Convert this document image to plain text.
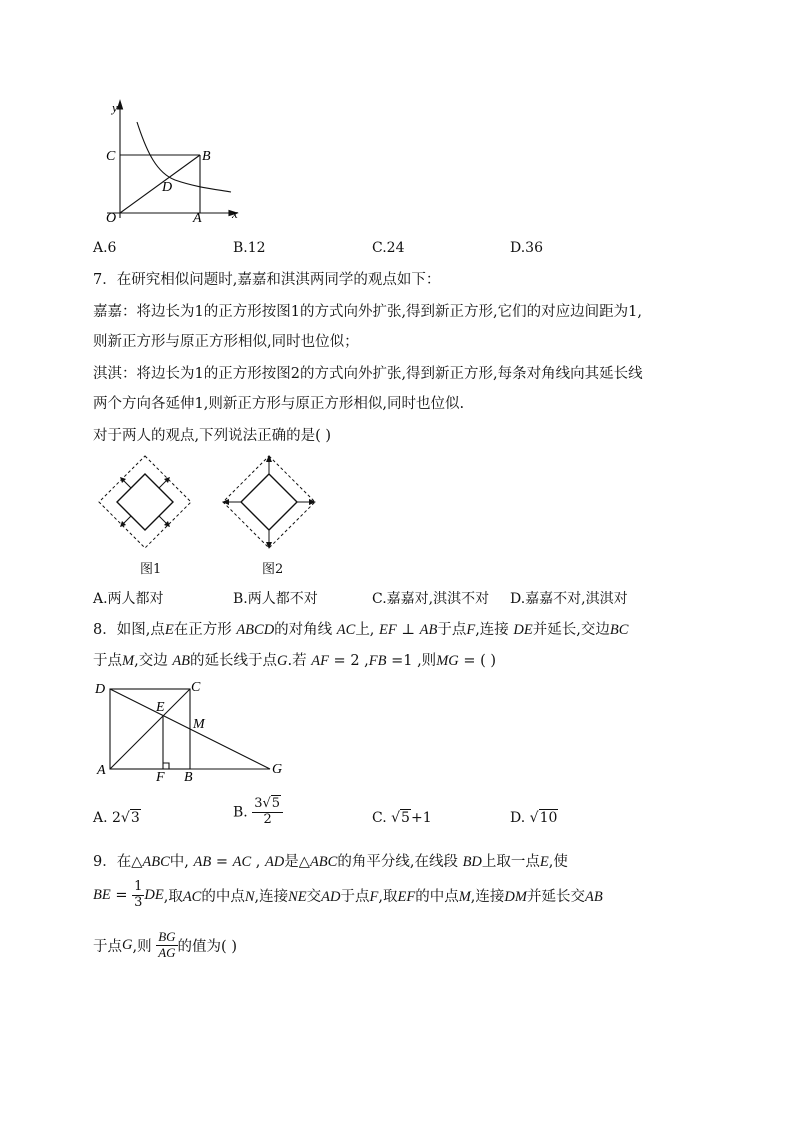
y
C	B
D
O	A x
A.6	B.12	C.24	D.36
7．在研究相似问题时,嘉嘉和淇淇两同学的观点如下：
嘉嘉：将边长为1的正方形按图1的方式向外扩张,得到新正方形,它们的对应边间距为1,
则新正方形与原正方形相似,同时也位似；
淇淇：将边长为1的正方形按图2的方式向外扩张,得到新正方形,每条对角线向其延长线
两个方向各延伸1,则新正方形与原正方形相似,同时也位似.
对于两人的观点,下列说法正确的是( )
图1	图2
A.两人都对	B.两人都不对	C.嘉嘉对,淇淇不对 D.嘉嘉不对,淇淇对
8．如图,点E在正方形 ABCD的对角线 AC上, EF ⊥ AB于点F,连接 DE并延长,交边BC
于点M,交边 AB的延长线于点G.若 AF = 2 ,FB =1 ,则MG = ( )
D	C
E
M
A	F B
G
A. 2√3	B. $\frac{3√5}{2}$	C. √5+1	D. √10
9．在△ABC中, AB = AC , AD是△ABC的角平分线,在线段 BD上取一点E,使
BE = $\frac{1}{3}$ DE,取AC的中点N,连接NE交AD于点F,取EF的中点M,连接DM并延长交AB
于点G,则 $\frac{BG}{AG}$ 的值为( )
